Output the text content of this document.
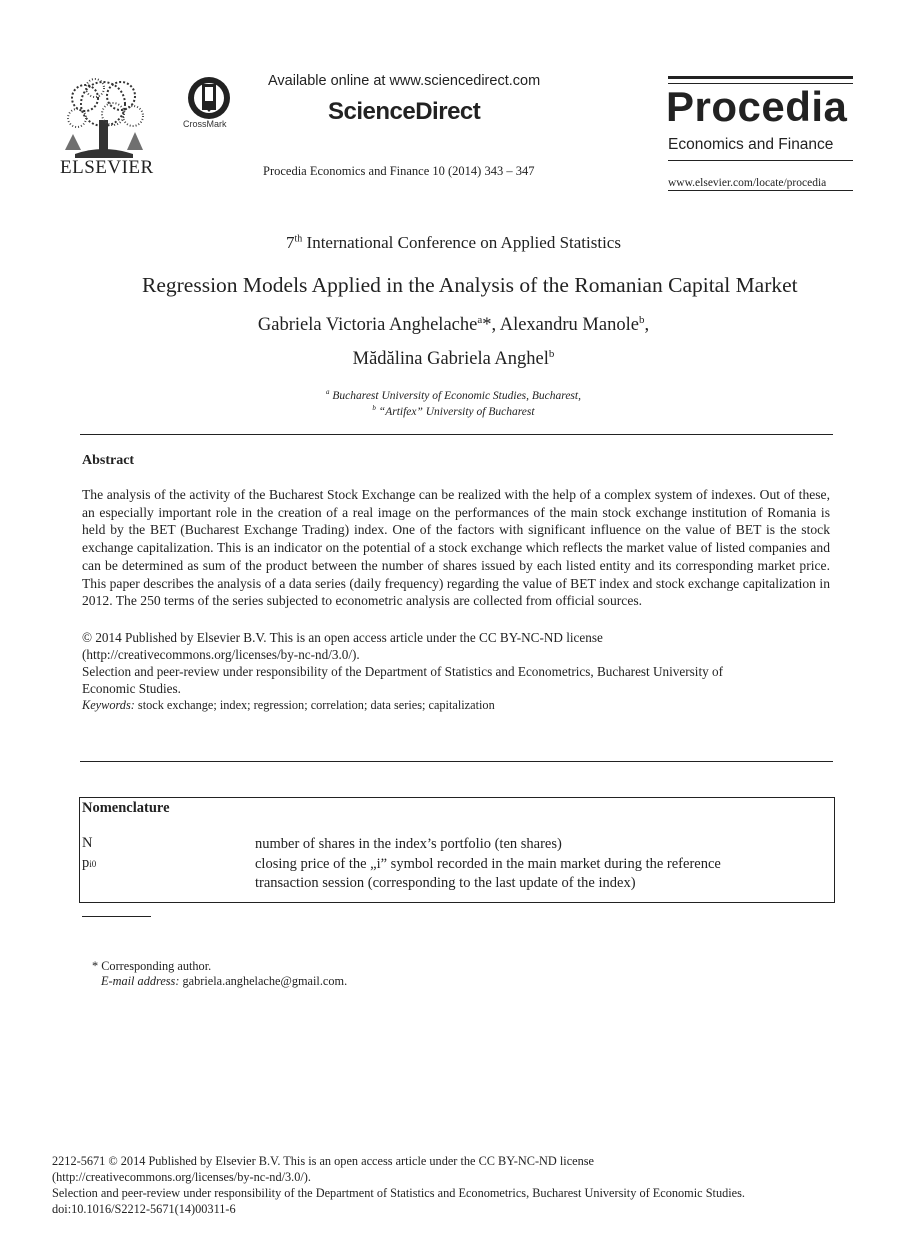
ELSEVIER
CrossMark
Available online at www.sciencedirect.com
ScienceDirect
Procedia Economics and Finance 10 (2014) 343 – 347
Procedia
Economics and Finance
www.elsevier.com/locate/procedia
7th International Conference on Applied Statistics
Regression Models Applied in the Analysis of the Romanian Capital Market
Gabriela Victoria Anghelache$^a$*, Alexandru Manole$^b$,
Mădălina Gabriela Anghel$^b$
$^a$ Bucharest University of Economic Studies, Bucharest,
$^b$ “Artifex” University of Bucharest
Abstract
The analysis of the activity of the Bucharest Stock Exchange can be realized with the help of a complex system of indexes. Out of these, an especially important role in the creation of a real image on the performances of the main stock exchange institution of Romania is held by the BET (Bucharest Exchange Trading) index. One of the factors with significant influence on the value of BET is the stock exchange capitalization. This is an indicator on the potential of a stock exchange which reflects the market value of listed companies and can be determined as sum of the product between the number of shares issued by each listed entity and its corresponding market price. This paper describes the analysis of a data series (daily frequency) regarding the value of BET index and stock exchange capitalization in 2012. The 250 terms of the series subjected to econometric analysis are collected from official sources.
© 2014 Published by Elsevier B.V. This is an open access article under the CC BY-NC-ND license
(http://creativecommons.org/licenses/by-nc-nd/3.0/).
Selection and peer-review under responsibility of the Department of Statistics and Econometrics, Bucharest University of
Economic Studies.
Keywords: stock exchange; index; regression; correlation; data series; capitalization
Nomenclature
N	number of shares in the index’s portfolio (ten shares)
pi0	closing price of the „i” symbol recorded in the main market during the reference
transaction session (corresponding to the last update of the index)
* Corresponding author.
E-mail address: gabriela.anghelache@gmail.com.
2212-5671 © 2014 Published by Elsevier B.V. This is an open access article under the CC BY-NC-ND license
(http://creativecommons.org/licenses/by-nc-nd/3.0/).
Selection and peer-review under responsibility of the Department of Statistics and Econometrics, Bucharest University of Economic Studies.
doi:10.1016/S2212-5671(14)00311-6
